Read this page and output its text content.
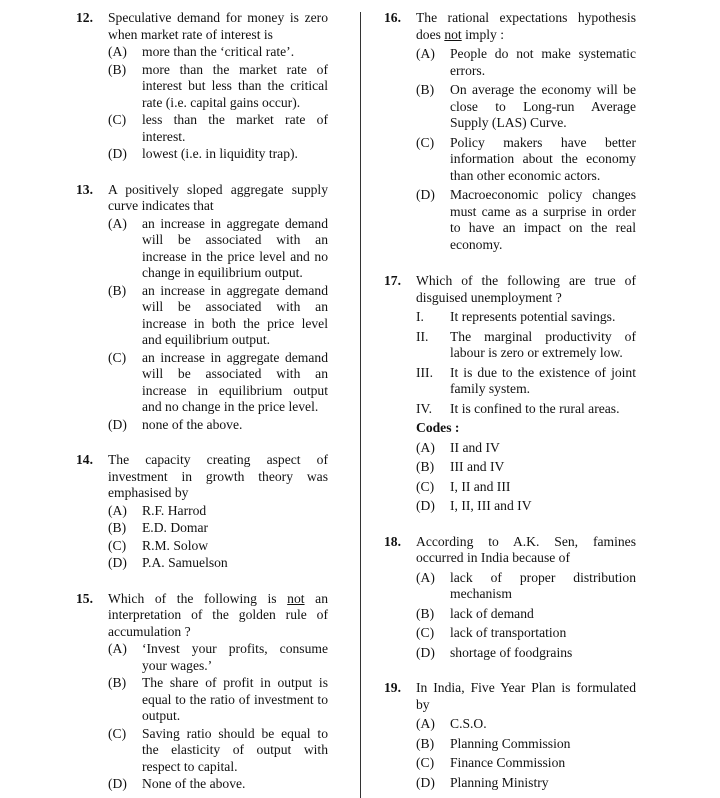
12. Speculative demand for money is zero when market rate of interest is
(A) more than the ‘critical rate’.
(B) more than the market rate of interest but less than the critical rate (i.e. capital gains occur).
(C) less than the market rate of interest.
(D) lowest (i.e. in liquidity trap).
13. A positively sloped aggregate supply curve indicates that
(A) an increase in aggregate demand will be associated with an increase in the price level and no change in equilibrium output.
(B) an increase in aggregate demand will be associated with an increase in both the price level and equilibrium output.
(C) an increase in aggregate demand will be associated with an increase in equilibrium output and no change in the price level.
(D) none of the above.
14. The capacity creating aspect of investment in growth theory was emphasised by
(A) R.F. Harrod
(B) E.D. Domar
(C) R.M. Solow
(D) P.A. Samuelson
15. Which of the following is not an interpretation of the golden rule of accumulation ?
(A) ‘Invest your profits, consume your wages.’
(B) The share of profit in output is equal to the ratio of investment to output.
(C) Saving ratio should be equal to the elasticity of output with respect to capital.
(D) None of the above.
16. The rational expectations hypothesis does not imply :
(A) People do not make systematic errors.
(B) On average the economy will be close to Long-run Average Supply (LAS) Curve.
(C) Policy makers have better information about the economy than other economic actors.
(D) Macroeconomic policy changes must came as a surprise in order to have an impact on the real economy.
17. Which of the following are true of disguised unemployment ?
I. It represents potential savings.
II. The marginal productivity of labour is zero or extremely low.
III. It is due to the existence of joint family system.
IV. It is confined to the rural areas.
Codes :
(A) II and IV
(B) III and IV
(C) I, II and III
(D) I, II, III and IV
18. According to A.K. Sen, famines occurred in India because of
(A) lack of proper distribution mechanism
(B) lack of demand
(C) lack of transportation
(D) shortage of foodgrains
19. In India, Five Year Plan is formulated by
(A) C.S.O.
(B) Planning Commission
(C) Finance Commission
(D) Planning Ministry
